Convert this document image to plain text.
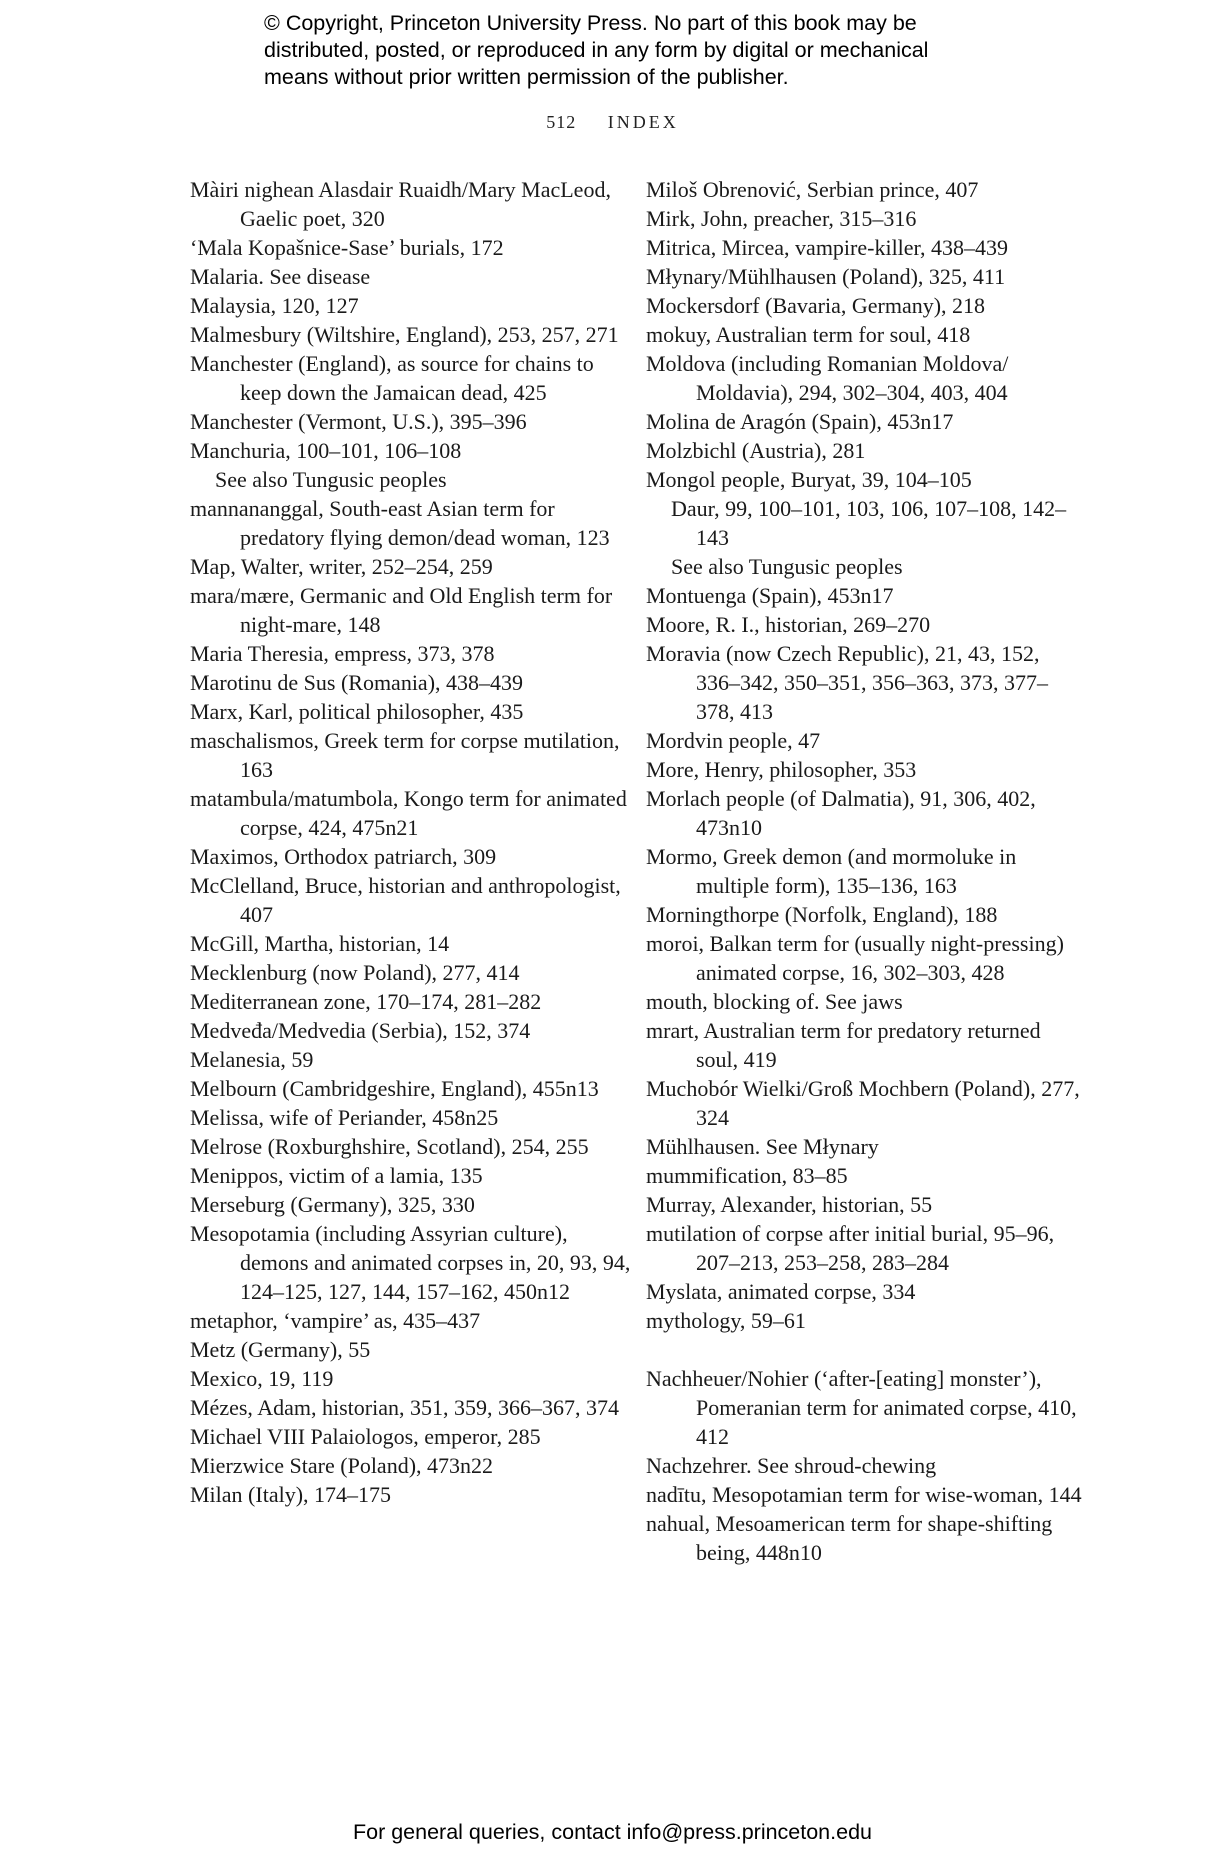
© Copyright, Princeton University Press. No part of this book may be
distributed, posted, or reproduced in any form by digital or mechanical
means without prior written permission of the publisher.
512 INDEX
Màiri nighean Alasdair Ruaidh/Mary MacLeod, Gaelic poet, 320
‘Mala Kopašnice-Sase’ burials, 172
Malaria. See disease
Malaysia, 120, 127
Malmesbury (Wiltshire, England), 253, 257, 271
Manchester (England), as source for chains to keep down the Jamaican dead, 425
Manchester (Vermont, U.S.), 395–396
Manchuria, 100–101, 106–108
See also Tungusic peoples
mannananggal, South-east Asian term for predatory flying demon/dead woman, 123
Map, Walter, writer, 252–254, 259
mara/mære, Germanic and Old English term for night-mare, 148
Maria Theresia, empress, 373, 378
Marotinu de Sus (Romania), 438–439
Marx, Karl, political philosopher, 435
maschalismos, Greek term for corpse mutilation, 163
matambula/matumbola, Kongo term for animated corpse, 424, 475n21
Maximos, Orthodox patriarch, 309
McClelland, Bruce, historian and anthropologist, 407
McGill, Martha, historian, 14
Mecklenburg (now Poland), 277, 414
Mediterranean zone, 170–174, 281–282
Medveđa/Medvedia (Serbia), 152, 374
Melanesia, 59
Melbourn (Cambridgeshire, England), 455n13
Melissa, wife of Periander, 458n25
Melrose (Roxburghshire, Scotland), 254, 255
Menippos, victim of a lamia, 135
Merseburg (Germany), 325, 330
Mesopotamia (including Assyrian culture), demons and animated corpses in, 20, 93, 94, 124–125, 127, 144, 157–162, 450n12
metaphor, ‘vampire’ as, 435–437
Metz (Germany), 55
Mexico, 19, 119
Mézes, Adam, historian, 351, 359, 366–367, 374
Michael VIII Palaiologos, emperor, 285
Mierzwice Stare (Poland), 473n22
Milan (Italy), 174–175
Miloš Obrenović, Serbian prince, 407
Mirk, John, preacher, 315–316
Mitrica, Mircea, vampire-killer, 438–439
Młynary/Mühlhausen (Poland), 325, 411
Mockersdorf (Bavaria, Germany), 218
mokuy, Australian term for soul, 418
Moldova (including Romanian Moldova/ Moldavia), 294, 302–304, 403, 404
Molina de Aragón (Spain), 453n17
Molzbichl (Austria), 281
Mongol people, Buryat, 39, 104–105
Daur, 99, 100–101, 103, 106, 107–108, 142–143
See also Tungusic peoples
Montuenga (Spain), 453n17
Moore, R. I., historian, 269–270
Moravia (now Czech Republic), 21, 43, 152, 336–342, 350–351, 356–363, 373, 377–378, 413
Mordvin people, 47
More, Henry, philosopher, 353
Morlach people (of Dalmatia), 91, 306, 402, 473n10
Mormo, Greek demon (and mormoluke in multiple form), 135–136, 163
Morningthorpe (Norfolk, England), 188
moroi, Balkan term for (usually night-pressing) animated corpse, 16, 302–303, 428
mouth, blocking of. See jaws
mrart, Australian term for predatory returned soul, 419
Muchobór Wielki/Groß Mochbern (Poland), 277, 324
Mühlhausen. See Młynary
mummification, 83–85
Murray, Alexander, historian, 55
mutilation of corpse after initial burial, 95–96, 207–213, 253–258, 283–284
Myslata, animated corpse, 334
mythology, 59–61
Nachheuer/Nohier (‘after-[eating] monster’), Pomeranian term for animated corpse, 410, 412
Nachzehrer. See shroud-chewing
nadītu, Mesopotamian term for wise-woman, 144
nahual, Mesoamerican term for shape-shifting being, 448n10
For general queries, contact info@press.princeton.edu
